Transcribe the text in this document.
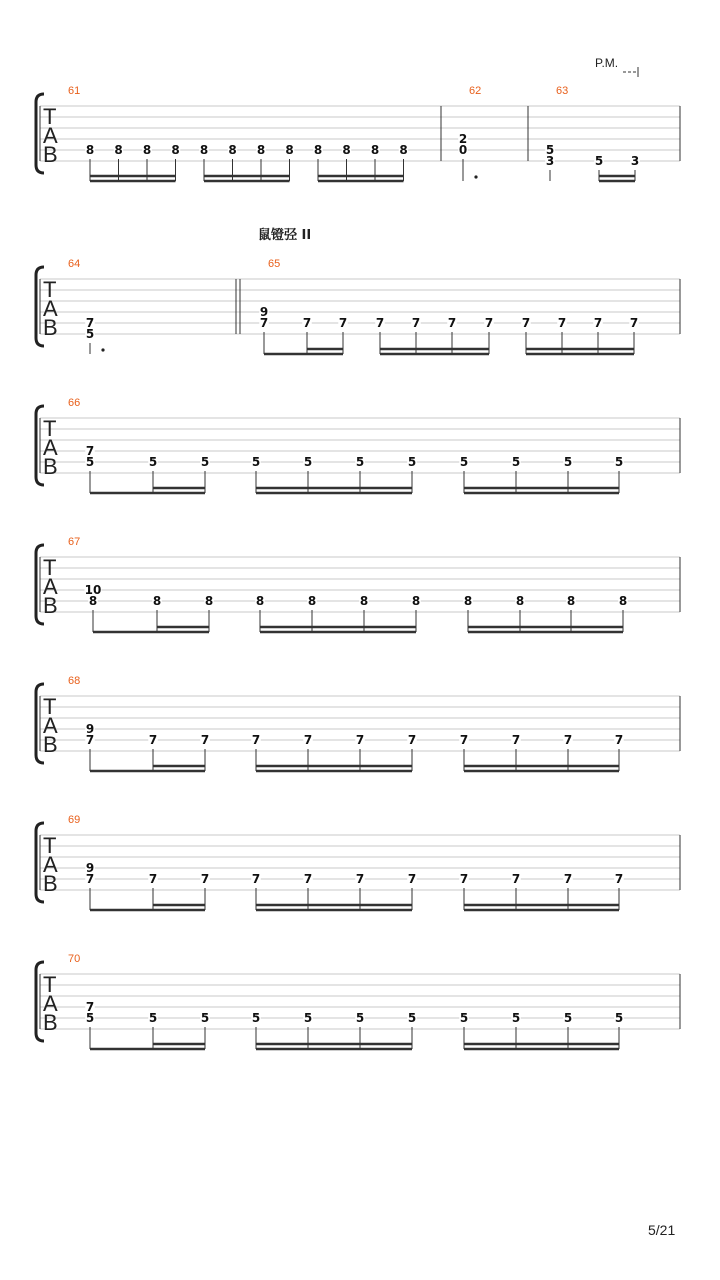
T
A
B
61
8 8 8 8 8 8 8 8 8 8 8 8
62
2
0
63
5
3	5 3
T
A
B
64
7
5
65
9
7	7 7 7 7 7 7 7 7 7 7
T
A
B
66
7
5	5	5	5	5	5	5	5	5	5	5
T
A
B
67
10
8	8	8	8	8	8	8	8	8	8	8
T
A
B
68
9
7	7	7	7	7	7	7	7	7	7	7
T
A
B
69
9
7	7	7	7	7	7	7	7	7	7	7
T
A
B
70
7
5	5	5	5	5	5	5	5	5	5	5
P.M.
鼠镫弪 II
5/21
